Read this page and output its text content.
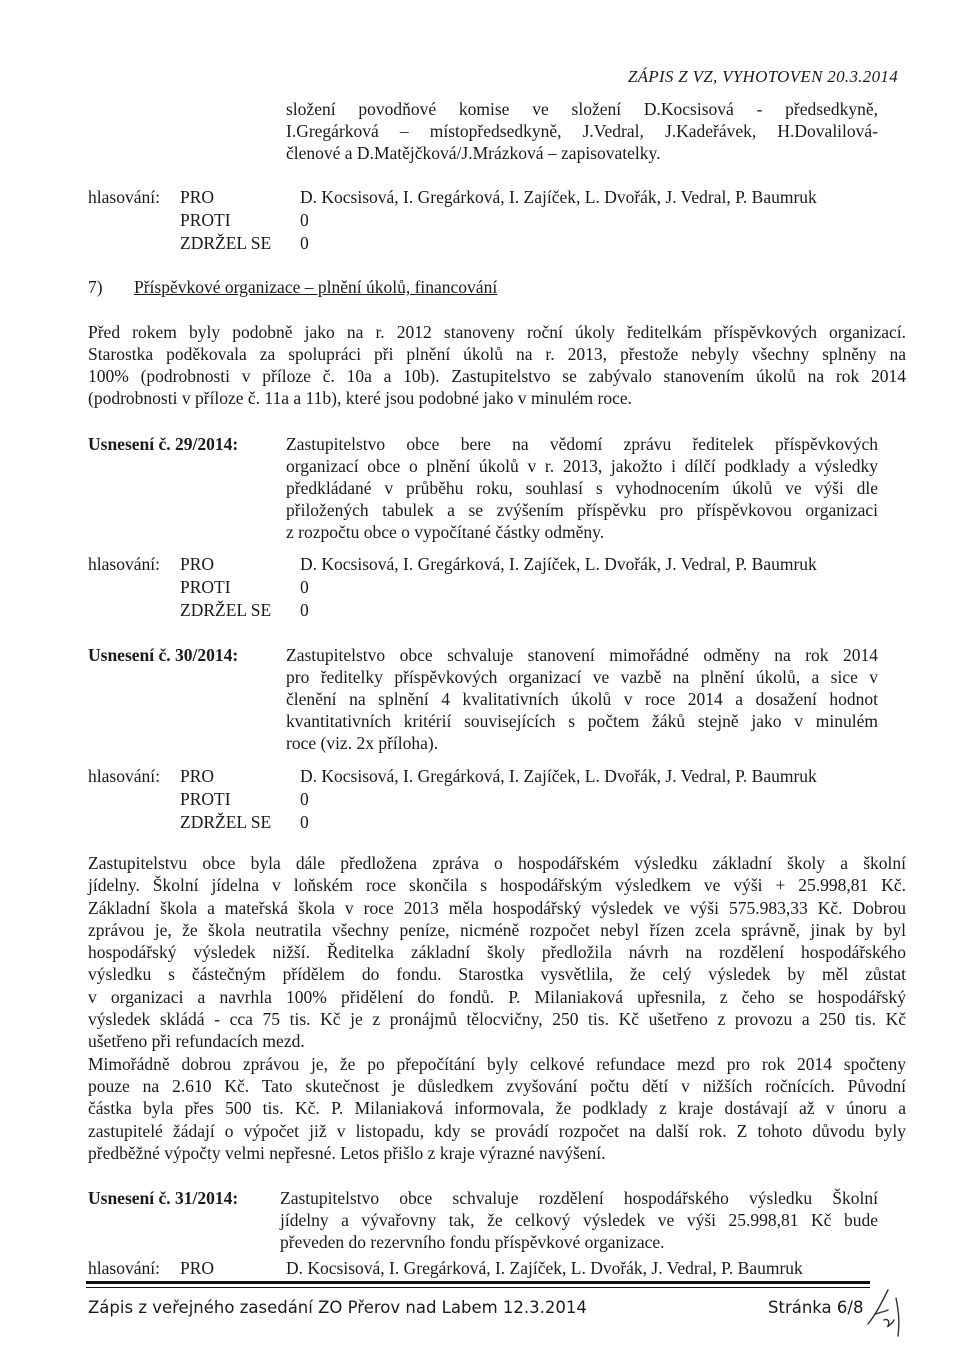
ZÁPIS Z VZ, VYHOTOVEN 20.3.2014
složení povodňové komise ve složení D.Kocsisová - předsedkyně,
I.Gregárková – místopředsedkyně, J.Vedral, J.Kadeřávek, H.Dovalilová-
členové a D.Matějčková/J.Mrázková – zapisovatelky.
hlasování:	PRO	D. Kocsisová, I. Gregárková, I. Zajíček, L. Dvořák, J. Vedral, P. Baumruk
PROTI	0
ZDRŽEL SE 0
7) Příspěvkové organizace – plnění úkolů, financování
Před rokem byly podobně jako na r. 2012 stanoveny roční úkoly ředitelkám příspěvkových organizací.
Starostka poděkovala za spolupráci při plnění úkolů na r. 2013, přestože nebyly všechny splněny na
100% (podrobnosti v příloze č. 10a a 10b). Zastupitelstvo se zabývalo stanovením úkolů na rok 2014
(podrobnosti v příloze č. 11a a 11b), které jsou podobné jako v minulém roce.
Usnesení č. 29/2014:	Zastupitelstvo obce bere na vědomí zprávu ředitelek příspěvkových
organizací obce o plnění úkolů v r. 2013, jakožto i dílčí podklady a výsledky
předkládané v průběhu roku, souhlasí s vyhodnocením úkolů ve výši dle
přiložených tabulek a se zvýšením příspěvku pro příspěvkovou organizaci
z rozpočtu obce o vypočítané částky odměny.
hlasování:	PRO	D. Kocsisová, I. Gregárková, I. Zajíček, L. Dvořák, J. Vedral, P. Baumruk
PROTI	0
ZDRŽEL SE 0
Usnesení č. 30/2014:	Zastupitelstvo obce schvaluje stanovení mimořádné odměny na rok 2014
pro ředitelky příspěvkových organizací ve vazbě na plnění úkolů, a sice v
členění na splnění 4 kvalitativních úkolů v roce 2014 a dosažení hodnot
kvantitativních kritérií souvisejících s počtem žáků stejně jako v minulém
roce (viz. 2x příloha).
hlasování:	PRO	D. Kocsisová, I. Gregárková, I. Zajíček, L. Dvořák, J. Vedral, P. Baumruk
PROTI	0
ZDRŽEL SE 0
Zastupitelstvu obce byla dále předložena zpráva o hospodářském výsledku základní školy a školní
jídelny. Školní jídelna v loňském roce skončila s hospodářským výsledkem ve výši + 25.998,81 Kč.
Základní škola a mateřská škola v roce 2013 měla hospodářský výsledek ve výši 575.983,33 Kč. Dobrou
zprávou je, že škola neutratila všechny peníze, nicméně rozpočet nebyl řízen zcela správně, jinak by byl
hospodářský výsledek nižší. Ředitelka základní školy předložila návrh na rozdělení hospodářského
výsledku s částečným přídělem do fondu. Starostka vysvětlila, že celý výsledek by měl zůstat
v organizaci a navrhla 100% přidělení do fondů. P. Milaniaková upřesnila, z čeho se hospodářský
výsledek skládá - cca 75 tis. Kč je z pronájmů tělocvičny, 250 tis. Kč ušetřeno z provozu a 250 tis. Kč
ušetřeno při refundacích mezd.
Mimořádně dobrou zprávou je, že po přepočítání byly celkové refundace mezd pro rok 2014 spočteny
pouze na 2.610 Kč. Tato skutečnost je důsledkem zvyšování počtu dětí v nižších ročnících. Původní
částka byla přes 500 tis. Kč. P. Milaniaková informovala, že podklady z kraje dostávají až v únoru a
zastupitelé žádají o výpočet již v listopadu, kdy se provádí rozpočet na další rok. Z tohoto důvodu byly
předběžné výpočty velmi nepřesné. Letos přišlo z kraje výrazné navýšení.
Usnesení č. 31/2014: Zastupitelstvo obce schvaluje rozdělení hospodářského výsledku Školní
jídelny a vývařovny tak, že celkový výsledek ve výši 25.998,81 Kč bude
převeden do rezervního fondu příspěvkové organizace.
hlasování:	PRO	D. Kocsisová, I. Gregárková, I. Zajíček, L. Dvořák, J. Vedral, P. Baumruk
Zápis z veřejného zasedání ZO Přerov nad Labem 12.3.2014	Stránka 6/8
